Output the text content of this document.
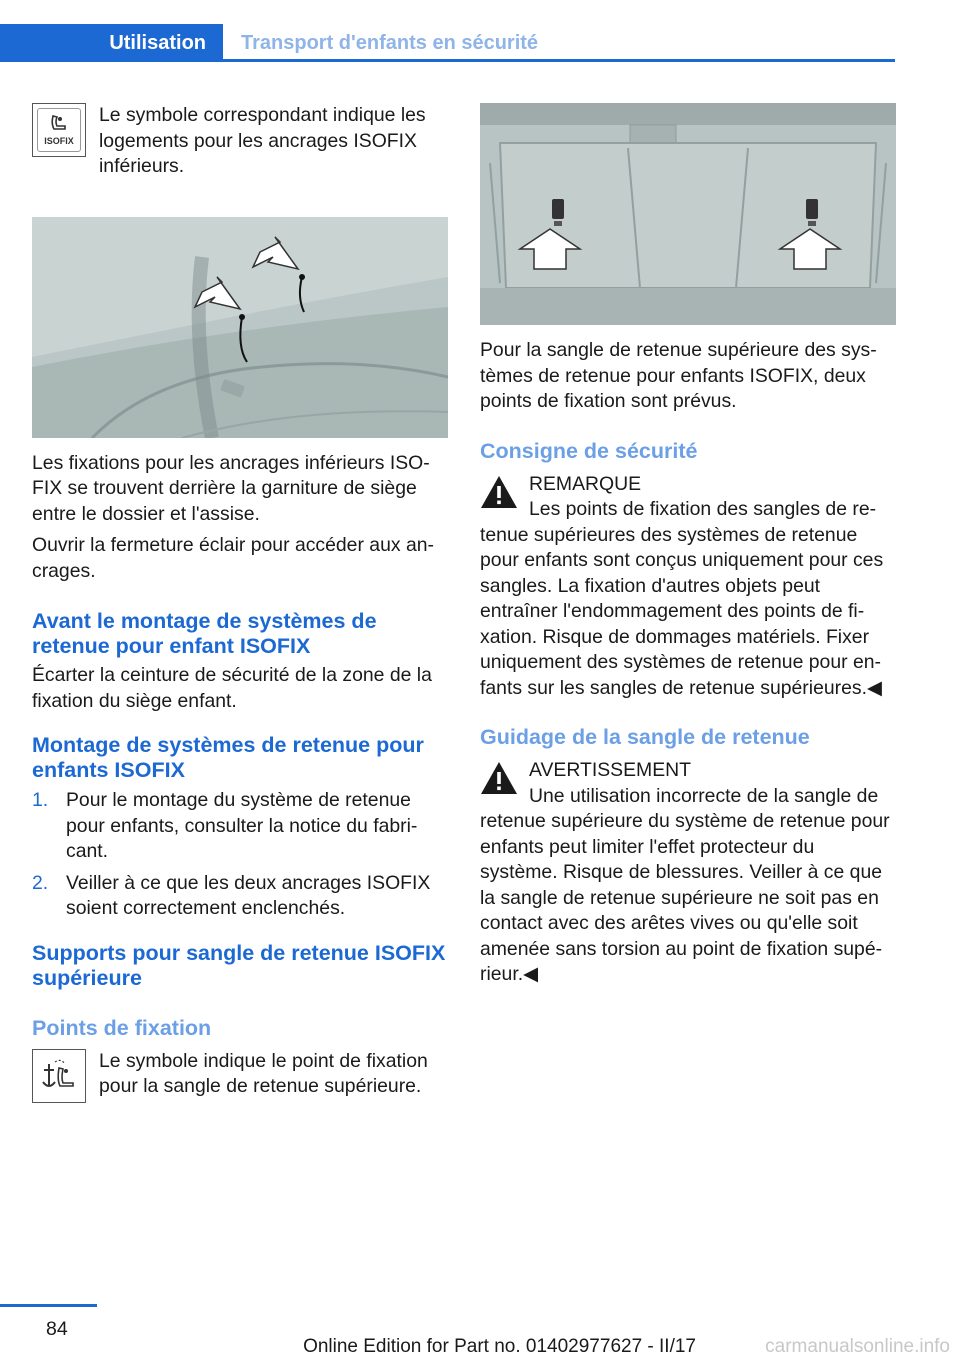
Utilisation	Transport d'enfants en sécurité
ISOFIX

Le symbole correspondant indique les logements pour les ancrages ISOFIX inférieurs.

Les fixations pour les ancrages inférieurs ISO-FIX se trouvent derrière la garniture de siège entre le dossier et l'assise.

Ouvrir la fermeture éclair pour accéder aux an-crages.

Avant le montage de systèmes de retenue pour enfant ISOFIX

Écarter la ceinture de sécurité de la zone de la fixation du siège enfant.

Montage de systèmes de retenue pour enfants ISOFIX
1. Pour le montage du système de retenue pour enfants, consulter la notice du fabri-cant.
2. Veiller à ce que les deux ancrages ISOFIX soient correctement enclenchés.
Supports pour sangle de retenue ISOFIX supérieure
Points de fixation

Le symbole indique le point de fixation pour la sangle de retenue supérieure.

Pour la sangle de retenue supérieure des sys-tèmes de retenue pour enfants ISOFIX, deux points de fixation sont prévus.

Consigne de sécurité

REMARQUE

Les points de fixation des sangles de re-

tenue supérieures des systèmes de retenue pour enfants sont conçus uniquement pour ces sangles. La fixation d'autres objets peut entraîner l'endommagement des points de fi-xation. Risque de dommages matériels. Fixer uniquement des systèmes de retenue pour en-fants sur les sangles de retenue supérieures.◀

Guidage de la sangle de retenue

AVERTISSEMENT

Une utilisation incorrecte de la sangle de

retenue supérieure du système de retenue pour enfants peut limiter l'effet protecteur du système. Risque de blessures. Veiller à ce que la sangle de retenue supérieure ne soit pas en contact avec des arêtes vives ou qu'elle soit amenée sans torsion au point de fixation supé-rieur.◀

84
Online Edition for Part no. 01402977627 - II/17	carmanualsonline.info
